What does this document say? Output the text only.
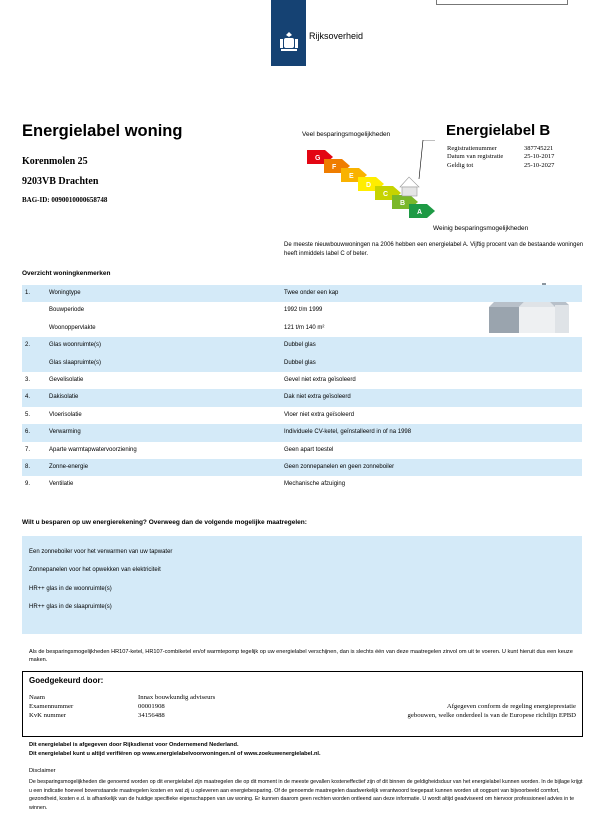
Rijksoverheid
Energielabel woning
Korenmolen 25
9203VB Drachten
BAG-ID: 0090010000658748
Veel besparingsmogelijkheden
G
F
E
D
C
B
A
Weinig besparingsmogelijkheden
Energielabel B
Registratienummer	387745221
Datum van registratie	25-10-2017
Geldig tot	25-10-2027
De meeste nieuwbouwwoningen na 2006 hebben een energielabel A. Vijftig procent van de bestaande woningen heeft inmiddels label C of beter.
Overzicht woningkenmerken
1.	Woningtype	Twee onder een kap
Bouwperiode	1992 t/m 1999
Woonoppervlakte	121 t/m 140 m²
2.	Glas woonruimte(s)	Dubbel glas
Glas slaapruimte(s)	Dubbel glas
3.	Gevelisolatie	Gevel niet extra geïsoleerd
4.	Dakisolatie	Dak niet extra geïsoleerd
5.	Vloerisolatie	Vloer niet extra geïsoleerd
6.	Verwarming	Individuele CV-ketel, geïnstalleerd in of na 1998
7.	Aparte warmtapwatervoorziening	Geen apart toestel
8.	Zonne-energie	Geen zonnepanelen en geen zonneboiler
9.	Ventilatie	Mechanische afzuiging
Wilt u besparen op uw energierekening? Overweeg dan de volgende mogelijke maatregelen:
Een zonneboiler voor het verwarmen van uw tapwater
Zonnepanelen voor het opwekken van elektriciteit
HR++ glas in de woonruimte(s)
HR++ glas in de slaapruimte(s)
Als de besparingsmogelijkheden HR107-ketel, HR107-combiketel en/of warmtepomp tegelijk op uw energielabel verschijnen, dan is slechts één van deze maatregelen zinvol om uit te voeren. U kunt hieruit dus een keuze maken.
Goedgekeurd door:
Naam	Innax bouwkundig adviseurs
Examennummer	00001908
KvK nummer	34156488
Afgegeven conform de regeling energieprestatie
gebouwen, welke onderdeel is van de Europese richtlijn EPBD
Dit energielabel is afgegeven door Rijksdienst voor Ondernemend Nederland.
Dit energielabel kunt u altijd verifiëren op www.energielabelvoorwoningen.nl of www.zoekuwenergielabel.nl.
Disclaimer
De besparingsmogelijkheden die genoemd worden op dit energielabel zijn maatregelen die op dit moment in de meeste gevallen kosteneffectief zijn of dit binnen de geldigheidsduur van het energielabel kunnen worden. In de bijlage krijgt u een indicatie hoeveel bovenstaande maatregelen kosten en wat zij u opleveren aan energiebesparing. Of de genoemde maatregelen daadwerkelijk verantwoord toegepast kunnen worden uit oogpunt van bijvoorbeeld comfort, gezondheid, kosten e.d. is afhankelijk van de huidige specifieke eigenschappen van uw woning. Er kunnen daarom geen rechten worden ontleend aan deze informatie. U wordt altijd geadviseerd om hiervoor professioneel advies in te winnen.
